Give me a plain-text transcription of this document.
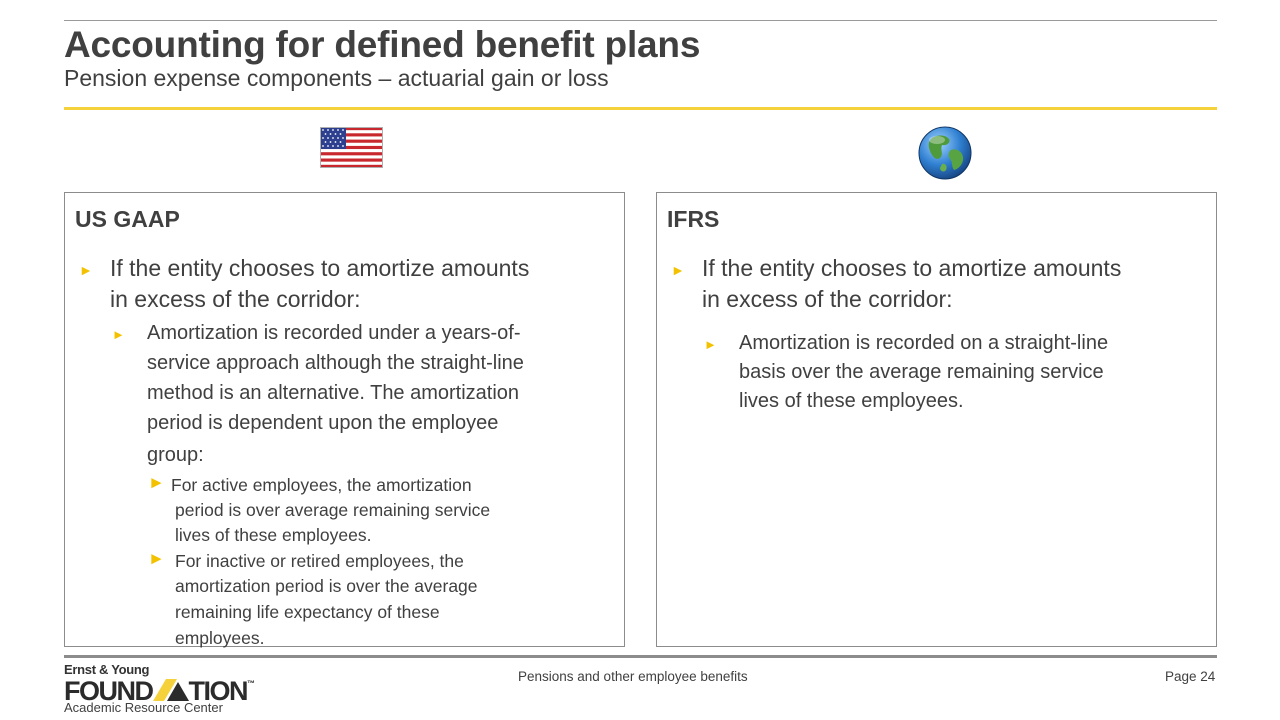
Accounting for defined benefit plans
Pension expense components – actuarial gain or loss
US GAAP
► If the entity chooses to amortize amounts
in excess of the corridor:
► Amortization is recorded under a years-of-
service approach although the straight-line
method is an alternative. The amortization
period is dependent upon the employee
group:
► For active employees, the amortization
period is over average remaining service
lives of these employees.
► For inactive or retired employees, the
amortization period is over the average
remaining life expectancy of these
employees.
IFRS
► If the entity chooses to amortize amounts
in excess of the corridor:
► Amortization is recorded on a straight-line
basis over the average remaining service
lives of these employees.
Ernst & Young
FOUND TION™
Academic Resource Center
Pensions and other employee benefits	Page 24
